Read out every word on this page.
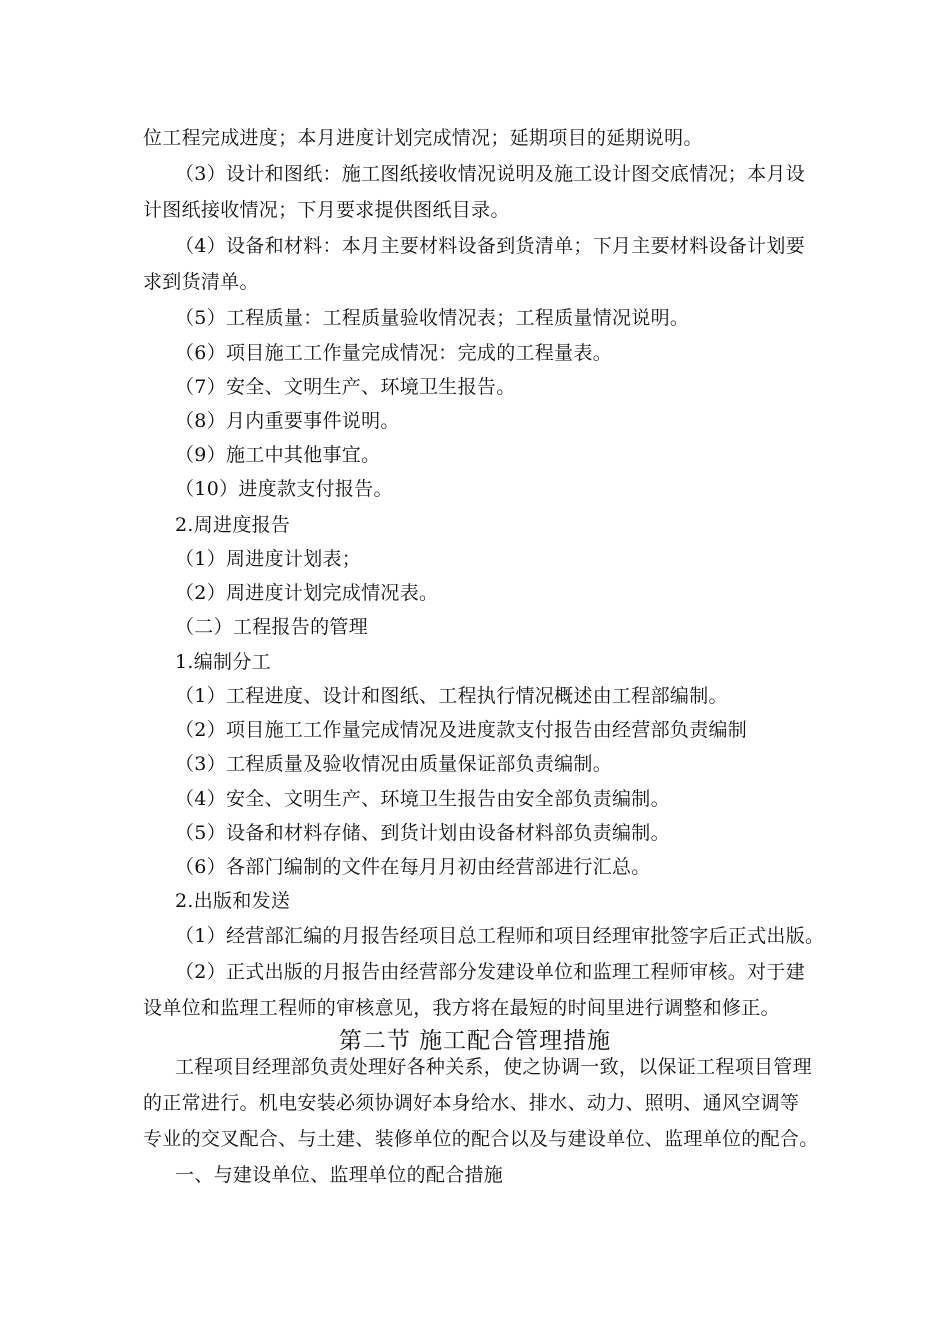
位工程完成进度；本月进度计划完成情况；延期项目的延期说明。
（3）设计和图纸：施工图纸接收情况说明及施工设计图交底情况；本月设
计图纸接收情况；下月要求提供图纸目录。
（4）设备和材料：本月主要材料设备到货清单；下月主要材料设备计划要
求到货清单。
（5）工程质量：工程质量验收情况表；工程质量情况说明。
（6）项目施工工作量完成情况：完成的工程量表。
（7）安全、文明生产、环境卫生报告。
（8）月内重要事件说明。
（9）施工中其他事宜。
（10）进度款支付报告。
2.周进度报告
（1）周进度计划表；
（2）周进度计划完成情况表。
（二）工程报告的管理
1.编制分工
（1）工程进度、设计和图纸、工程执行情况概述由工程部编制。
（2）项目施工工作量完成情况及进度款支付报告由经营部负责编制
（3）工程质量及验收情况由质量保证部负责编制。
（4）安全、文明生产、环境卫生报告由安全部负责编制。
（5）设备和材料存储、到货计划由设备材料部负责编制。
（6）各部门编制的文件在每月月初由经营部进行汇总。
2.出版和发送
（1）经营部汇编的月报告经项目总工程师和项目经理审批签字后正式出版。
（2）正式出版的月报告由经营部分发建设单位和监理工程师审核。对于建
设单位和监理工程师的审核意见，我方将在最短的时间里进行调整和修正。
第二节 施工配合管理措施
工程项目经理部负责处理好各种关系，使之协调一致，以保证工程项目管理
的正常进行。机电安装必须协调好本身给水、排水、动力、照明、通风空调等
专业的交叉配合、与土建、装修单位的配合以及与建设单位、监理单位的配合。
一、与建设单位、监理单位的配合措施
